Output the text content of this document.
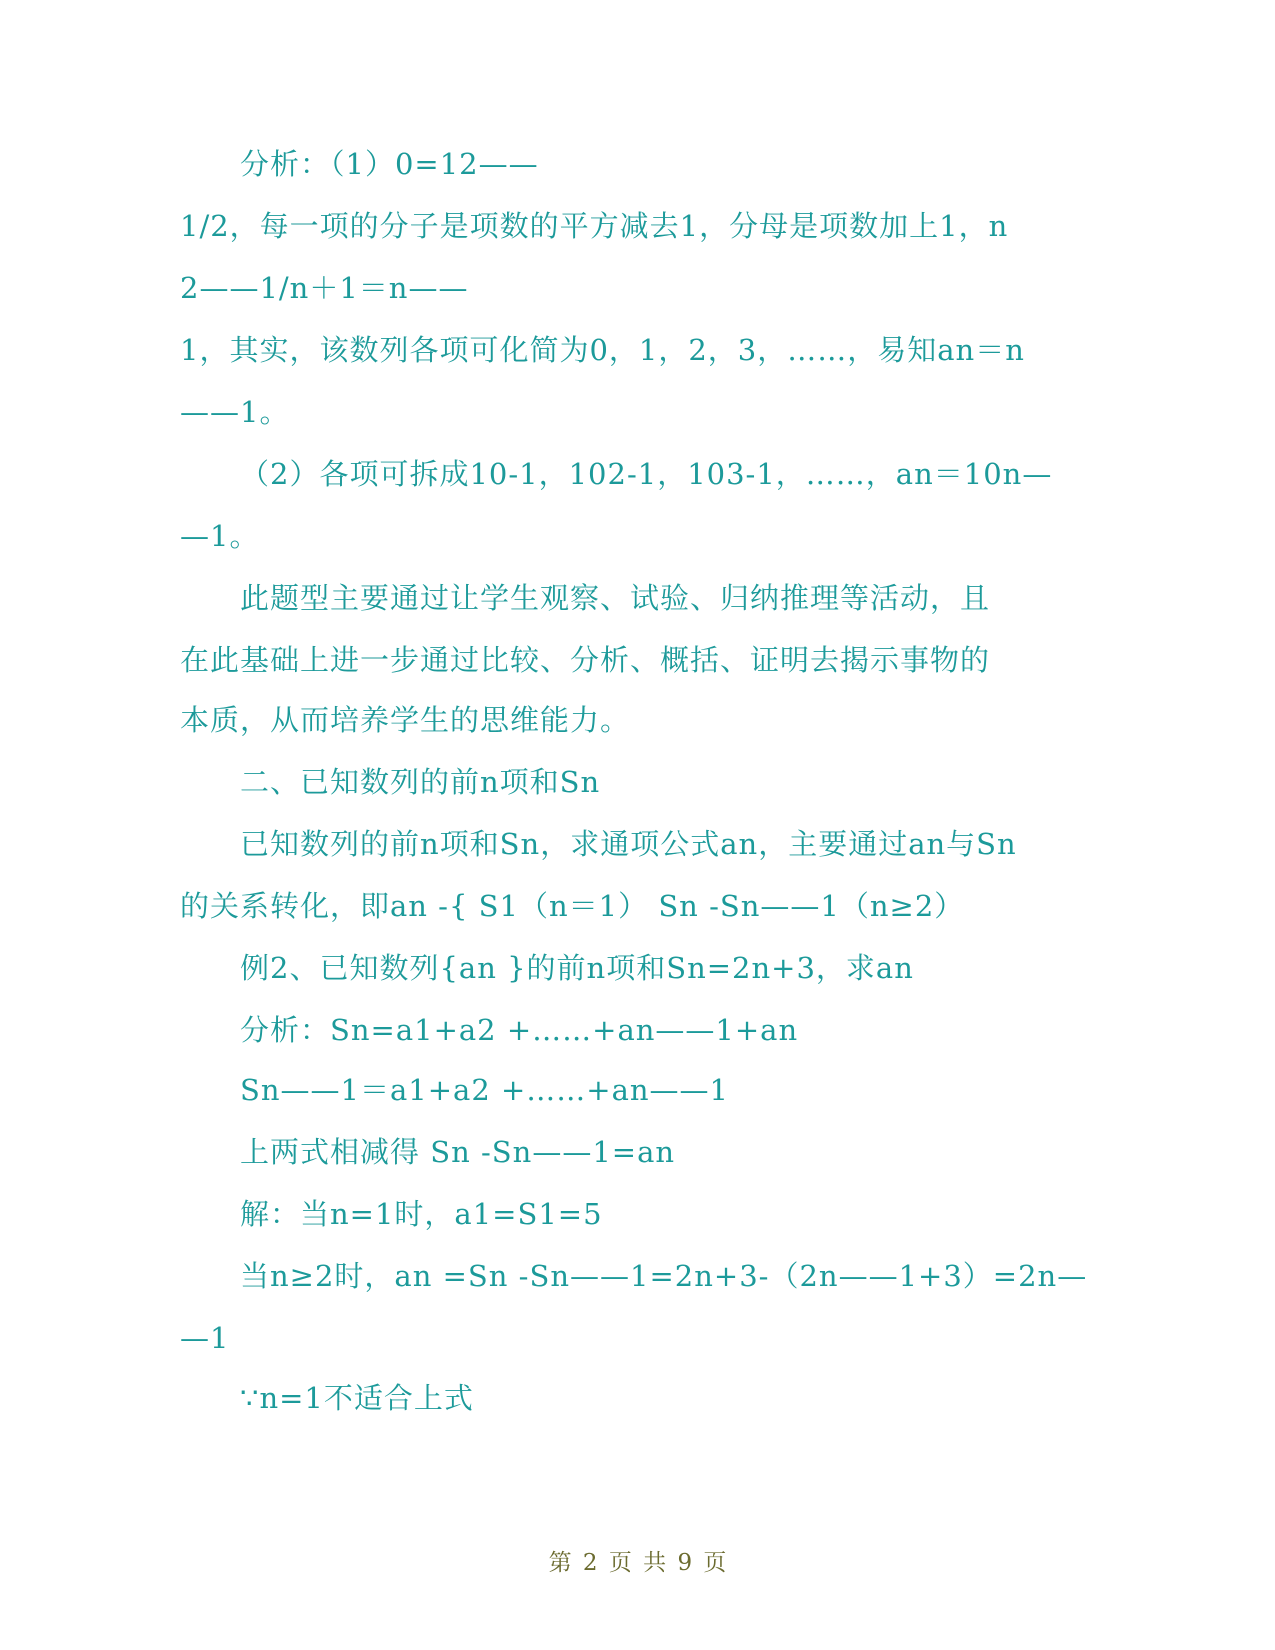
分析：（1）0=12——
1/2，每一项的分子是项数的平方减去1，分母是项数加上1，n
2——1/n＋1＝n——
1，其实，该数列各项可化简为0，1，2，3，……，易知an＝n
——1。
（2）各项可拆成10-1，102-1，103-1，……，an＝10n—
—1。
此题型主要通过让学生观察、试验、归纳推理等活动，且
在此基础上进一步通过比较、分析、概括、证明去揭示事物的
本质，从而培养学生的思维能力。
二、已知数列的前n项和Sn
已知数列的前n项和Sn，求通项公式an，主要通过an与Sn
的关系转化，即an -{ S1（n＝1） Sn -Sn——1（n≥2）
例2、已知数列{an }的前n项和Sn=2n+3，求an
分析：Sn=a1+a2 +……+an——1+an
Sn——1＝a1+a2 +……+an——1
上两式相减得 Sn -Sn——1=an
解：当n=1时，a1=S1=5
当n≥2时，an =Sn -Sn——1=2n+3-（2n——1+3）=2n—
—1
∵n=1不适合上式
第 2 页 共 9 页
